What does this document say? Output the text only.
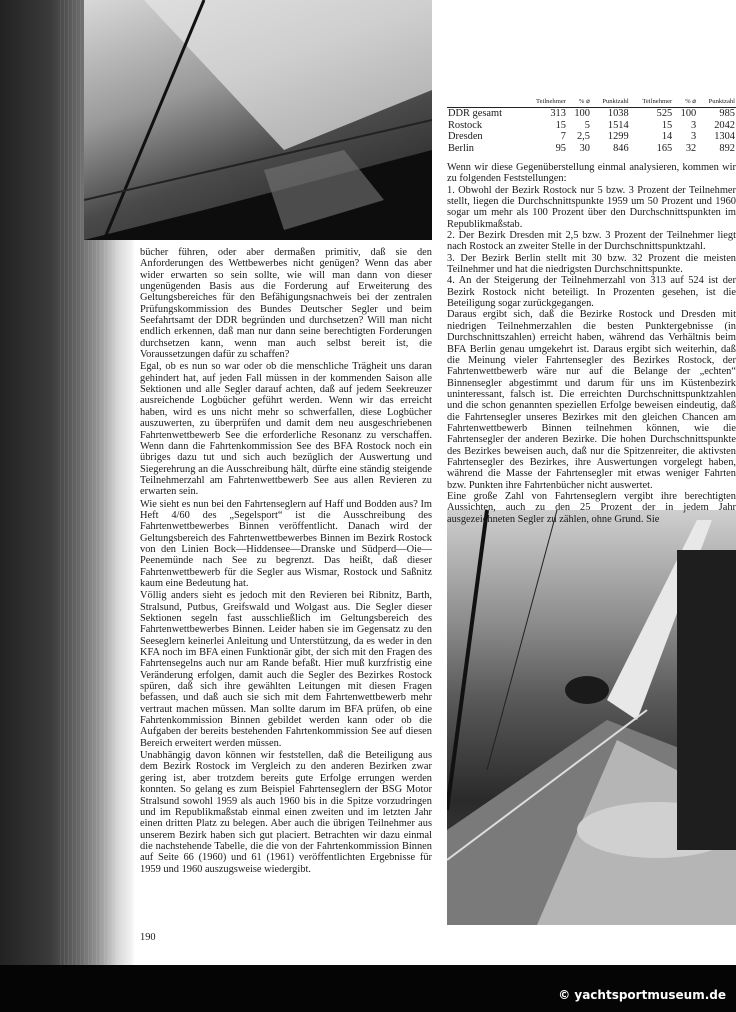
bücher führen, oder aber dermaßen primitiv, daß sie den Anforderungen des Wettbewerbes nicht genügen? Wenn das aber wider erwarten so sein sollte, wie will man dann von dieser ungenügenden Basis aus die Forderung auf Erweiterung des Geltungsbereiches für den Befähigungsnachweis bei der zentralen Prüfungskommission des Bundes Deutscher Segler und beim Seefahrtsamt der DDR begründen und durchsetzen? Will man nicht endlich erkennen, daß man nur dann seine berechtigten Forderungen durchsetzen kann, wenn man auch selbst bereit ist, die Voraussetzungen dafür zu schaffen?

Egal, ob es nun so war oder ob die menschliche Trägheit uns daran gehindert hat, auf jeden Fall müssen in der kommenden Saison alle Sektionen und alle Segler darauf achten, daß auf jedem Seekreuzer ausreichende Logbücher geführt werden. Wenn wir das erreicht haben, wird es uns nicht mehr so schwerfallen, diese Logbücher auszuwerten, zu überprüfen und damit dem neu ausgeschriebenen Fahrtenwettbewerb See die erforderliche Resonanz zu verschaffen. Wenn dann die Fahrtenkommission See des BFA Rostock noch ein übriges dazu tut und sich auch bezüglich der Auswertung und Siegerehrung an die Ausschreibung hält, dürfte eine ständig steigende Teilnehmerzahl am Fahrtenwettbewerb See aus allen Revieren zu erwarten sein.

Wie sieht es nun bei den Fahrtenseglern auf Haff und Bodden aus? Im Heft 4/60 des „Segelsport“ ist die Ausschreibung des Fahrtenwettbewerbes Binnen veröffentlicht. Danach wird der Geltungsbereich des Fahrtenwettbewerbes Binnen im Bezirk Rostock von den Linien Bock—Hiddensee—Dranske und Südperd—Oie—Peenemünde nach See zu begrenzt. Das heißt, daß dieser Fahrtenwettbewerb für die Segler aus Wismar, Rostock und Saßnitz kaum eine Bedeutung hat.

Völlig anders sieht es jedoch mit den Revieren bei Ribnitz, Barth, Stralsund, Putbus, Greifswald und Wolgast aus. Die Segler dieser Sektionen segeln fast ausschließlich im Geltungsbereich des Fahrtenwettbewerbes Binnen. Leider haben sie im Gegensatz zu den Seeseglern keinerlei Anleitung und Unterstützung, da es weder in den KFA noch im BFA einen Funktionär gibt, der sich mit den Fragen des Fahrtensegelns auch nur am Rande befaßt. Hier muß kurzfristig eine Veränderung erfolgen, damit auch die Segler des Bezirkes Rostock spüren, daß sich ihre gewählten Leitungen mit diesen Fragen befassen, und daß auch sie sich mit dem Fahrtenwettbewerb mehr vertraut machen müssen. Man sollte darum im BFA prüfen, ob eine Fahrtenkommission Binnen gebildet werden kann oder ob die Aufgaben der bereits bestehenden Fahrtenkommission See auf diesen Bereich erweitert werden müssen.

Unabhängig davon können wir feststellen, daß die Beteiligung aus dem Bezirk Rostock im Vergleich zu den anderen Bezirken zwar gering ist, aber trotzdem bereits gute Erfolge errungen werden konnten. So gelang es zum Beispiel Fahrtenseglern der BSG Motor Stralsund sowohl 1959 als auch 1960 bis in die Spitze vorzudringen und im Republikmaßstab einmal einen zweiten und im letzten Jahr einen dritten Platz zu belegen. Aber auch die übrigen Teilnehmer aus unserem Bezirk haben sich gut placiert. Betrachten wir dazu einmal die nachstehende Tabelle, die die von der Fahrtenkommission Binnen auf Seite 66 (1960) und 61 (1961) veröffentlichten Ergebnisse für 1959 und 1960 auszugsweise wiedergibt.

	Teilnehmer	% ⌀	Punktzahl	Teilnehmer	% ⌀	Punktzahl
DDR gesamt	313	100	1038	525	100	985
Rostock	15	5	1514	15	3	2042
Dresden	7	2,5	1299	14	3	1304
Berlin	95	30	846	165	32	892

Wenn wir diese Gegenüberstellung einmal analysieren, kommen wir zu folgenden Feststellungen:

1. Obwohl der Bezirk Rostock nur 5 bzw. 3 Prozent der Teilnehmer stellt, liegen die Durchschnittspunkte 1959 um 50 Prozent und 1960 sogar um mehr als 100 Prozent über den Durchschnittspunkten im Republikmaßstab.

2. Der Bezirk Dresden mit 2,5 bzw. 3 Prozent der Teilnehmer liegt nach Rostock an zweiter Stelle in der Durchschnittspunktzahl.

3. Der Bezirk Berlin stellt mit 30 bzw. 32 Prozent die meisten Teilnehmer und hat die niedrigsten Durchschnittspunkte.

4. An der Steigerung der Teilnehmerzahl von 313 auf 524 ist der Bezirk Rostock nicht beteiligt. In Prozenten gesehen, ist die Beteiligung sogar zurückgegangen.

Daraus ergibt sich, daß die Bezirke Rostock und Dresden mit niedrigen Teilnehmerzahlen die besten Punktergebnisse (in Durchschnittszahlen) erreicht haben, während das Verhältnis beim BFA Berlin genau umgekehrt ist. Daraus ergibt sich weiterhin, daß die Meinung vieler Fahrtensegler des Bezirkes Rostock, der Fahrtenwettbewerb wäre nur auf die Belange der „echten“ Binnensegler abgestimmt und darum für uns im Küstenbezirk uninteressant, falsch ist. Die erreichten Durchschnittspunktzahlen und die schon genannten speziellen Erfolge beweisen eindeutig, daß die Fahrtensegler unseres Bezirkes mit den gleichen Chancen am Fahrtenwettbewerb Binnen teilnehmen können, wie die Fahrtensegler der anderen Bezirke. Die hohen Durchschnittspunkte des Bezirkes beweisen auch, daß nur die Spitzenreiter, die aktivsten Fahrtensegler des Bezirkes, ihre Auswertungen vorgelegt haben, während die Masse der Fahrtensegler mit etwas weniger Fahrten bzw. Punkten ihre Fahrtenbücher nicht auswertet.

Eine große Zahl von Fahrtenseglern vergibt ihre berechtigten Aussichten, auch zu den 25 Prozent der in jedem Jahr ausgezeichneten Segler zu zählen, ohne Grund. Sie

190
© yachtsportmuseum.de
